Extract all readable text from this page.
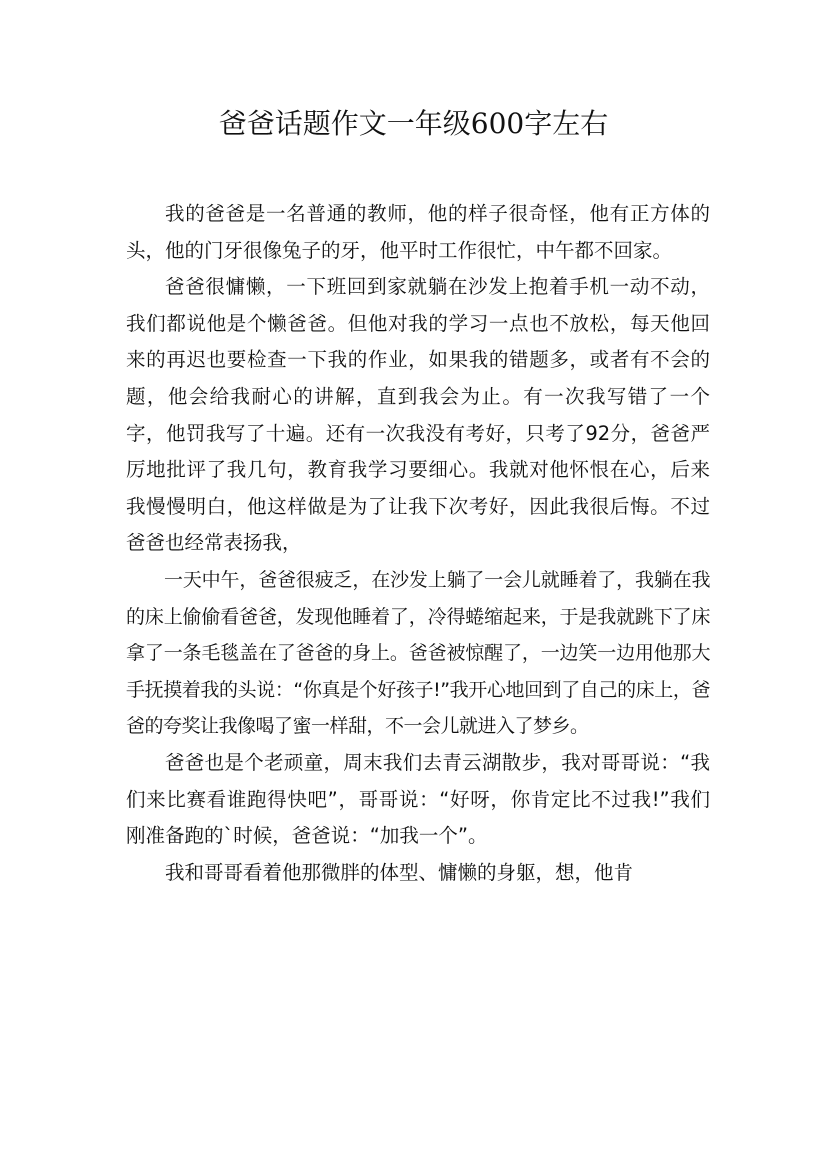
爸爸话题作文一年级600字左右

我的爸爸是一名普通的教师，他的样子很奇怪，他有正方体的头，他的门牙很像兔子的牙，他平时工作很忙，中午都不回家。

爸爸很慵懒，一下班回到家就躺在沙发上抱着手机一动不动，我们都说他是个懒爸爸。但他对我的学习一点也不放松，每天他回来的再迟也要检查一下我的作业，如果我的错题多，或者有不会的题，他会给我耐心的讲解，直到我会为止。有一次我写错了一个字，他罚我写了十遍。还有一次我没有考好，只考了92分，爸爸严厉地批评了我几句，教育我学习要细心。我就对他怀恨在心，后来我慢慢明白，他这样做是为了让我下次考好，因此我很后悔。不过爸爸也经常表扬我，

一天中午，爸爸很疲乏，在沙发上躺了一会儿就睡着了，我躺在我的床上偷偷看爸爸，发现他睡着了，冷得蜷缩起来，于是我就跳下了床拿了一条毛毯盖在了爸爸的身上。爸爸被惊醒了，一边笑一边用他那大手抚摸着我的头说：“你真是个好孩子!”我开心地回到了自己的床上，爸爸的夸奖让我像喝了蜜一样甜，不一会儿就进入了梦乡。

爸爸也是个老顽童，周末我们去青云湖散步，我对哥哥说：“我们来比赛看谁跑得快吧”，哥哥说：“好呀，你肯定比不过我!”我们刚准备跑的`时候，爸爸说：“加我一个”。

我和哥哥看着他那微胖的体型、慵懒的身躯，想，他肯
